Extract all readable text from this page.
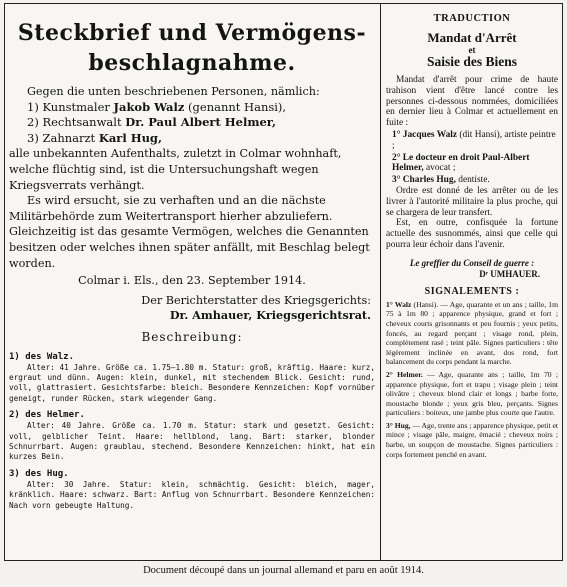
Steckbrief und Vermögens-
beschlagnahme.

Gegen die unten beschriebenen Personen, nämlich:

1) Kunstmaler Jakob Walz (genannt Hansi),

2) Rechtsanwalt Dr. Paul Albert Helmer,

3) Zahnarzt Karl Hug,

alle unbekannten Aufenthalts, zuletzt in Colmar wohnhaft, welche flüchtig sind, ist die Untersuchungshaft wegen Kriegsverrats verhängt.

Es wird ersucht, sie zu verhaften und an die nächste Militärbehörde zum Weitertransport hierher abzuliefern. Gleichzeitig ist das gesamte Vermögen, welches die Genannten besitzen oder welches ihnen später anfällt, mit Beschlag belegt worden.

Colmar i. Els., den 23. September 1914.

Der Berichterstatter des Kriegsgerichts:

Dr. Amhauer, Kriegsgerichtsrat.

Beschreibung:

1) des Walz.

Alter: 41 Jahre. Größe ca. 1.75—1.80 m. Statur: groß, kräftig. Haare: kurz, ergraut und dünn. Augen: klein, dunkel, mit stechendem Blick. Gesicht: rund, voll, glattrasiert. Gesichtsfarbe: bleich. Besondere Kennzeichen: Kopf vornüber geneigt, runder Rücken, stark wiegender Gang.

2) des Helmer.

Alter: 40 Jahre. Größe ca. 1.70 m. Statur: stark und gesetzt. Gesicht: voll, gelblicher Teint. Haare: hellblond, lang. Bart: starker, blonder Schnurrbart. Augen: graublau, stechend. Besondere Kennzeichen: hinkt, hat ein kurzes Bein.

3) des Hug.

Alter: 30 Jahre. Statur: klein, schmächtig. Gesicht: bleich, mager, kränklich. Haare: schwarz. Bart: Anflug von Schnurrbart. Besondere Kennzeichen: Nach vorn gebeugte Haltung.

TRADUCTION
Mandat d'Arrêt
et
Saisie des Biens

Mandat d'arrêt pour crime de haute trahison vient d'être lancé contre les personnes ci-dessous nommées, domiciliées en dernier lieu à Colmar et actuellement en fuite :

1° Jacques Walz (dit Hansi), artiste peintre ;

2° Le docteur en droit Paul-Albert Helmer, avocat ;

3° Charles Hug, dentiste.

Ordre est donné de les arrêter ou de les livrer à l'autorité militaire la plus proche, qui se chargera de leur transfert.

Est, en outre, confisquée la fortune actuelle des susnommés, ainsi que celle qui pourra leur échoir dans l'avenir.

Le greffier du Conseil de guerre :
Dʳ UMHAUER.
SIGNALEMENTS :

1° Walz (Hansi). — Age, quarante et un ans ; taille, 1m 75 à 1m 80 ; apparence physique, grand et fort ; cheveux courts grisonnants et peu fournis ; yeux petits, foncés, au regard perçant ; visage rond, plein, complètement rasé ; teint pâle. Signes particuliers : tête légèrement inclinée en avant, dos rond, fort balancement du corps pendant la marche.

2° Helmer. — Age, quarante ans ; taille, 1m 70 ; apparence physique, fort et trapu ; visage plein ; teint olivâtre ; cheveux blond clair et longs ; barbe forte, moustache blonde ; yeux gris bleu, perçants. Signes particuliers : boiteux, une jambe plus courte que l'autre.

3° Hug, — Age, trente ans ; apparence physique, petit et mince ; visage pâle, maigre, émacié ; cheveux noirs ; barbe, un soupçon de moustache. Signes particuliers : corps fortement penché en avant.

Document découpé dans un journal allemand et paru en août 1914.
